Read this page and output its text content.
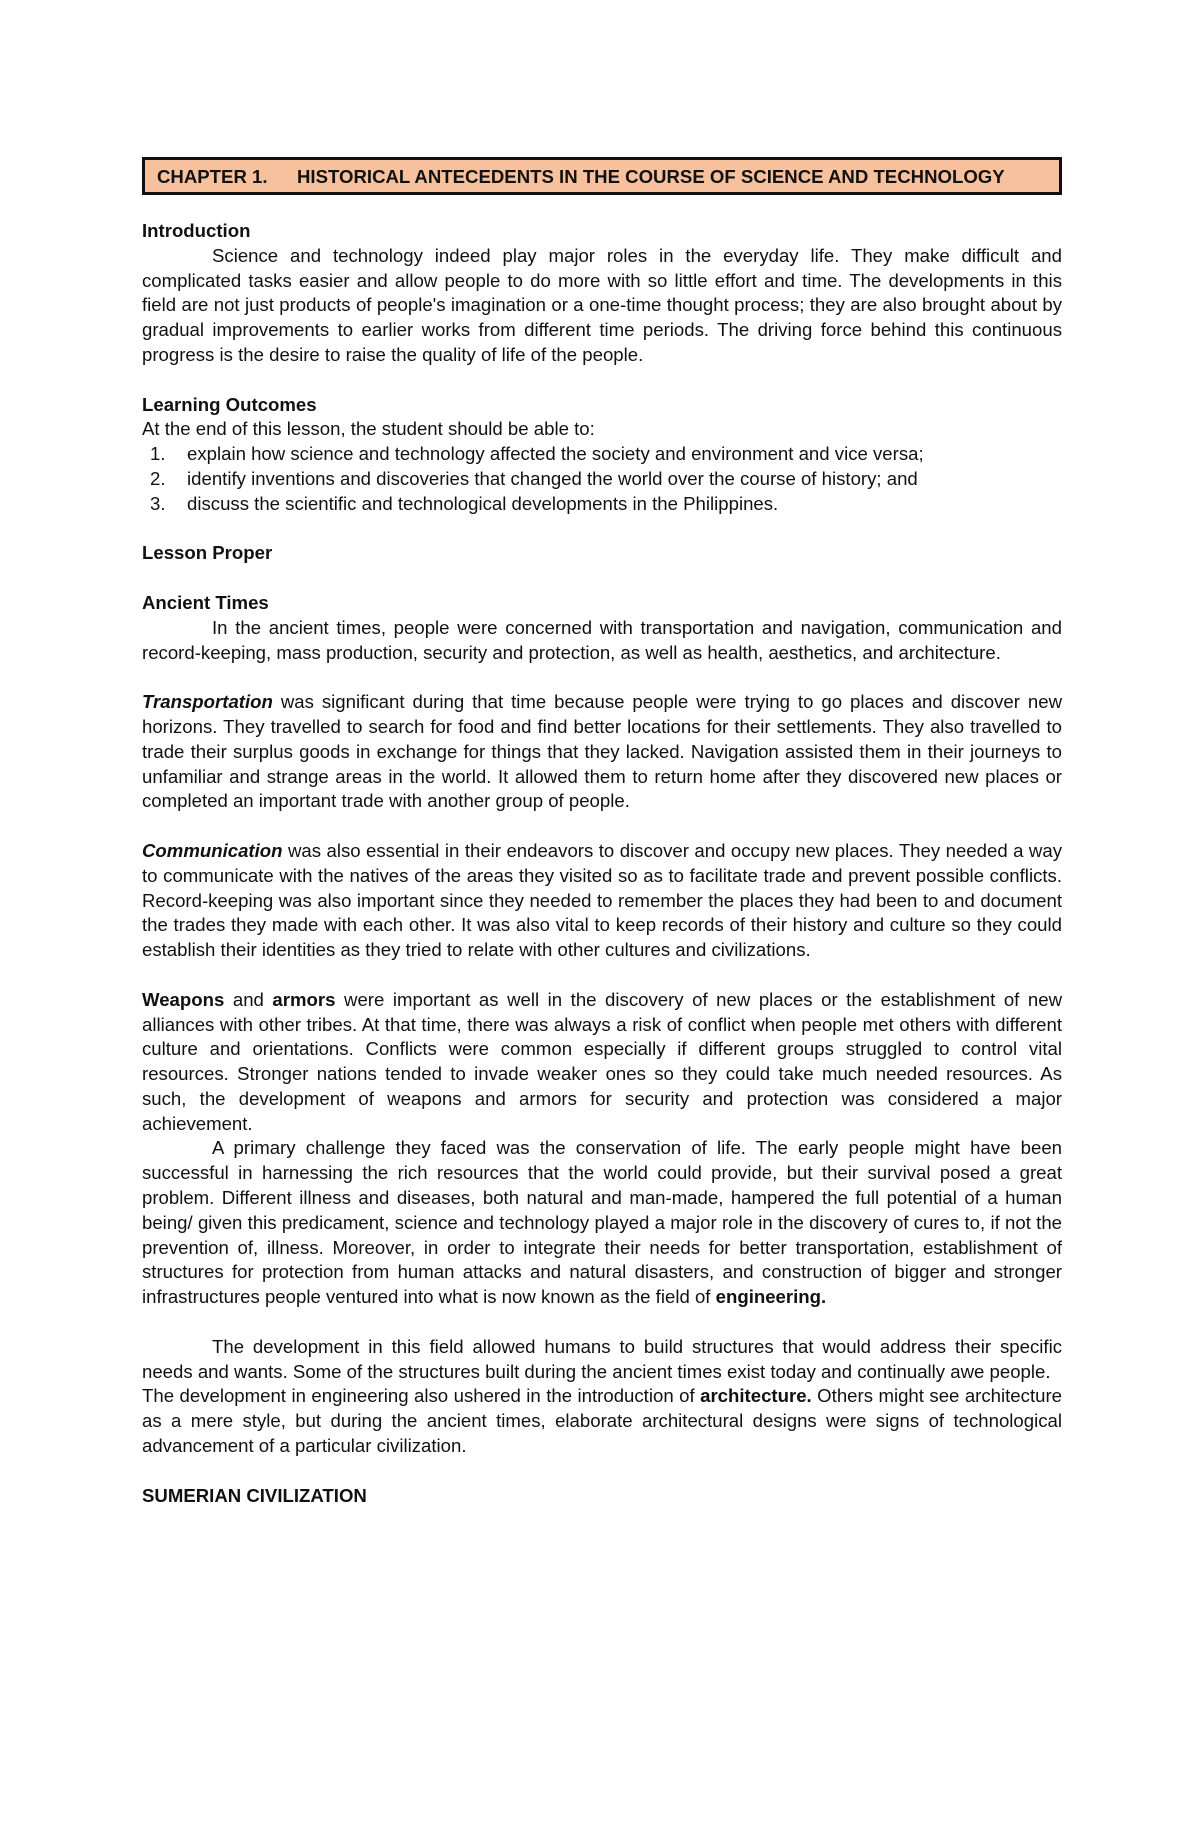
CHAPTER 1.	HISTORICAL ANTECEDENTS IN THE COURSE OF SCIENCE AND TECHNOLOGY
Introduction

Science and technology indeed play major roles in the everyday life. They make difficult and complicated tasks easier and allow people to do more with so little effort and time. The developments in this field are not just products of people's imagination or a one-time thought process; they are also brought about by gradual improvements to earlier works from different time periods. The driving force behind this continuous progress is the desire to raise the quality of life of the people.

Learning Outcomes

At the end of this lesson, the student should be able to:

1.	explain how science and technology affected the society and environment and vice versa;
2.	identify inventions and discoveries that changed the world over the course of history; and
3.	discuss the scientific and technological developments in the Philippines.
Lesson Proper
Ancient Times

In the ancient times, people were concerned with transportation and navigation, communication and record-keeping, mass production, security and protection, as well as health, aesthetics, and architecture.

Transportation was significant during that time because people were trying to go places and discover new horizons. They travelled to search for food and find better locations for their settlements. They also travelled to trade their surplus goods in exchange for things that they lacked. Navigation assisted them in their journeys to unfamiliar and strange areas in the world. It allowed them to return home after they discovered new places or completed an important trade with another group of people.

Communication was also essential in their endeavors to discover and occupy new places. They needed a way to communicate with the natives of the areas they visited so as to facilitate trade and prevent possible conflicts. Record-keeping was also important since they needed to remember the places they had been to and document the trades they made with each other. It was also vital to keep records of their history and culture so they could establish their identities as they tried to relate with other cultures and civilizations.

Weapons and armors were important as well in the discovery of new places or the establishment of new alliances with other tribes. At that time, there was always a risk of conflict when people met others with different culture and orientations. Conflicts were common especially if different groups struggled to control vital resources. Stronger nations tended to invade weaker ones so they could take much needed resources. As such, the development of weapons and armors for security and protection was considered a major achievement.

A primary challenge they faced was the conservation of life. The early people might have been successful in harnessing the rich resources that the world could provide, but their survival posed a great problem. Different illness and diseases, both natural and man-made, hampered the full potential of a human being/ given this predicament, science and technology played a major role in the discovery of cures to, if not the prevention of, illness. Moreover, in order to integrate their needs for better transportation, establishment of structures for protection from human attacks and natural disasters, and construction of bigger and stronger infrastructures people ventured into what is now known as the field of engineering.

The development in this field allowed humans to build structures that would address their specific needs and wants. Some of the structures built during the ancient times exist today and continually awe people.

The development in engineering also ushered in the introduction of architecture. Others might see architecture as a mere style, but during the ancient times, elaborate architectural designs were signs of technological advancement of a particular civilization.

SUMERIAN CIVILIZATION
